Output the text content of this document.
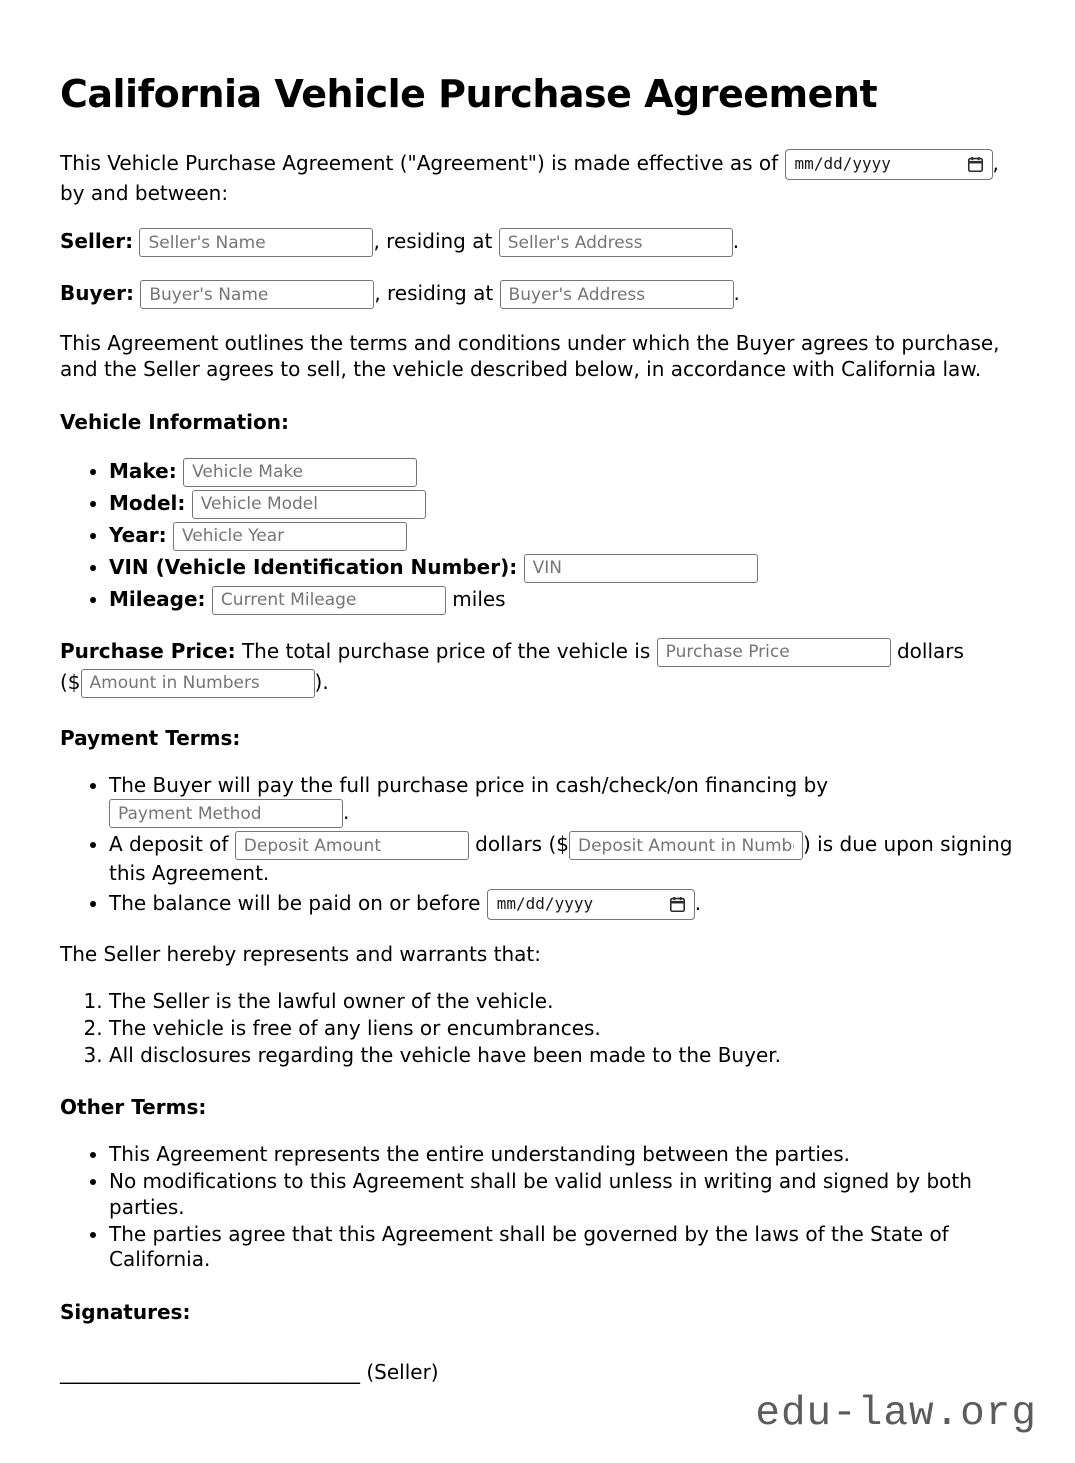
California Vehicle Purchase Agreement

This Vehicle Purchase Agreement ("Agreement") is made effective as of mm/dd/yyyy	, by and between:

Seller: Seller's Name	, residing at Seller's Address	.

Buyer: Buyer's Name	, residing at Buyer's Address	.

This Agreement outlines the terms and conditions under which the Buyer agrees to purchase, and the Seller agrees to sell, the vehicle described below, in accordance with California law.

Vehicle Information:

• Make: Vehicle Make
• Model: Vehicle Model
• Year: Vehicle Year
• VIN (Vehicle Identification Number): VIN
• Mileage: Current Mileage	miles

Purchase Price: The total purchase price of the vehicle is Purchase Price	dollars ($Amount in Numbers	).

Payment Terms:

• The Buyer will pay the full purchase price in cash/check/on financing by Payment Method.
• A deposit of Deposit Amount	dollars ($Deposit Amount in Numbers	) is due upon signing this Agreement.
• The balance will be paid on or before mm/dd/yyyy	.

The Seller hereby represents and warrants that:

1. The Seller is the lawful owner of the vehicle.
2. The vehicle is free of any liens or encumbrances.
3. All disclosures regarding the vehicle have been made to the Buyer.

Other Terms:

• This Agreement represents the entire understanding between the parties.
• No modifications to this Agreement shall be valid unless in writing and signed by both parties.
• The parties agree that this Agreement shall be governed by the laws of the State of California.

Signatures:

______________________________ (Seller)

edu-law.org
